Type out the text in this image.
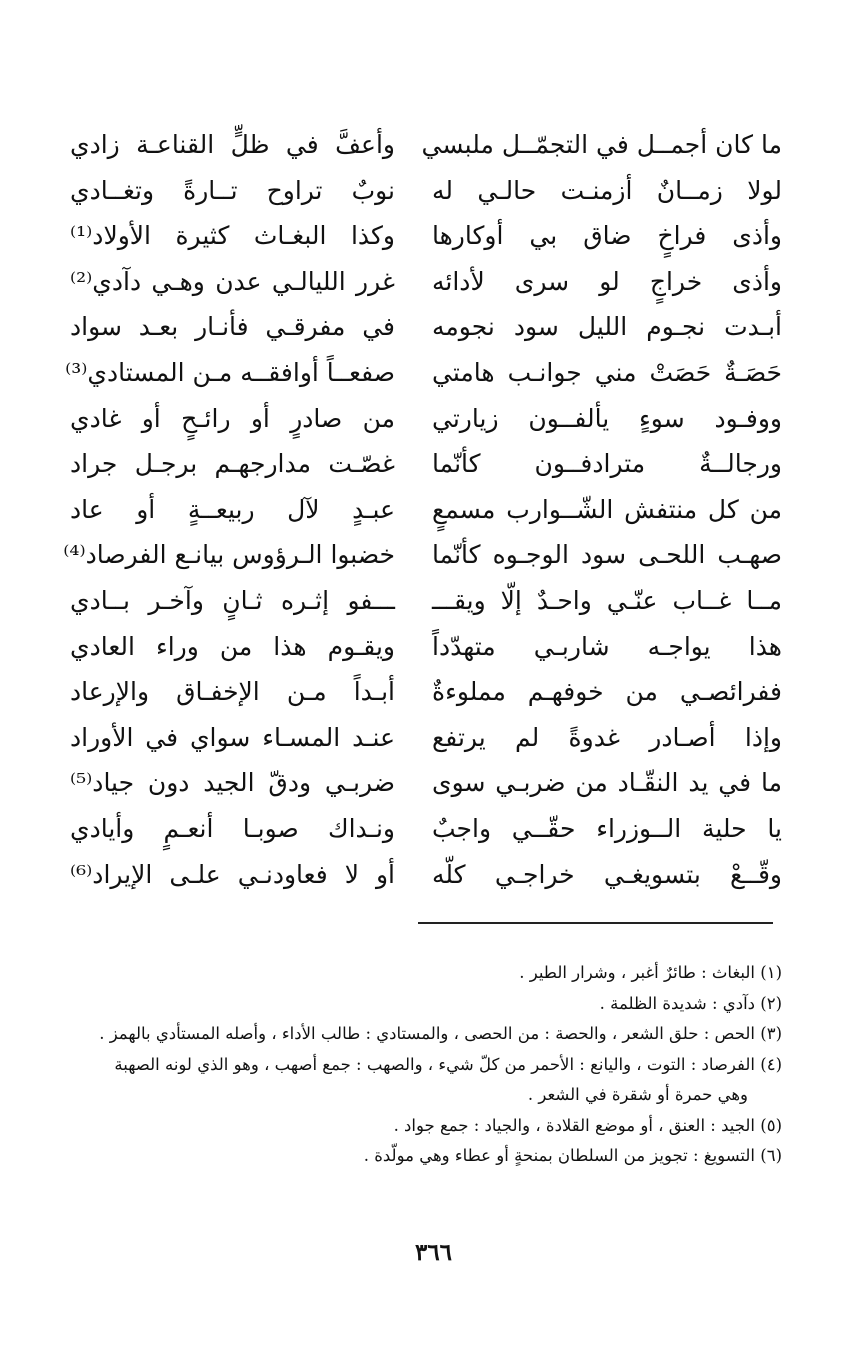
ما كان أجمــل في التجمّــل ملبسي
وأعفَّ في ظلٍّ القناعـة زادي
لولا زمــانٌ أزمنـت حالـي له
نوبٌ تراوح تــارةً وتغــادي
وأذى فراخٍ ضاق بي أوكارها
وكذا البغـاث كثيرة الأولاد⁽¹⁾
وأذى خراجٍ لو سرى لأدائه
غرر الليالـي عدن وهـي دآدي⁽²⁾
أبـدت نجـوم الليل سود نجومه
في مفرقـي فأنـار بعـد سواد
حَصَـةٌ حَصَتْ مني جوانـب هامتي
صفعــاً أوافقــه مـن المستادي⁽³⁾
ووفـود سوءٍ يألفــون زيارتي
من صادرٍ أو رائـحٍ أو غادي
ورجالــةٌ مترادفــون كأنّما
غصّـت مدارجهـم برجـل جراد
من كل منتفش الشّــوارب مسمعٍ
عبـدٍ لآل ربيعــةٍ أو عاد
صهـب اللحـى سود الوجـوه كأنّما
خضبوا الـرؤوس بيانـع الفرصاد⁽⁴⁾
مــا غــاب عنّـي واحـدٌ إلّا ويقـــ
ـــفو إثـره ثـانٍ وآخـر بــادي
هذا يواجـه شاربـي متهدّداً
ويقـوم هذا من وراء العادي
ففرائصـي من خوفهـم مملوءةٌ
أبـداً مـن الإخفـاق والإرعاد
وإذا أصـادر غدوةً لم يرتفع
عنـد المسـاء سواي في الأوراد
ما في يد النقّـاد من ضربـي سوى
ضربـي ودقّ الجيد دون جياد⁽⁵⁾
يا حلية الــوزراء حقّــي واجبٌ
ونـداك صوبـا أنعـمٍ وأيادي
وقّــعْ بتسويغـي خراجـي كلّه
أو لا فعاودنـي علـى الإيراد⁽⁶⁾
(١) البغاث : طائرٌ أغبر ، وشرار الطير .
(٢) دآدي : شديدة الظلمة .
(٣) الحص : حلق الشعر ، والحصة : من الحصى ، والمستادي : طالب الأداء ، وأصله المستأدي بالهمز .
(٤) الفرصاد : التوت ، واليانع : الأحمر من كلّ شيء ، والصهب : جمع أصهب ، وهو الذي لونه الصهبة
وهي حمرة أو شقرة في الشعر .
(٥) الجيد : العنق ، أو موضع القلادة ، والجياد : جمع جواد .
(٦) التسويغ : تجويز من السلطان بمنحةٍ أو عطاء وهي مولّدة .
٣٦٦
